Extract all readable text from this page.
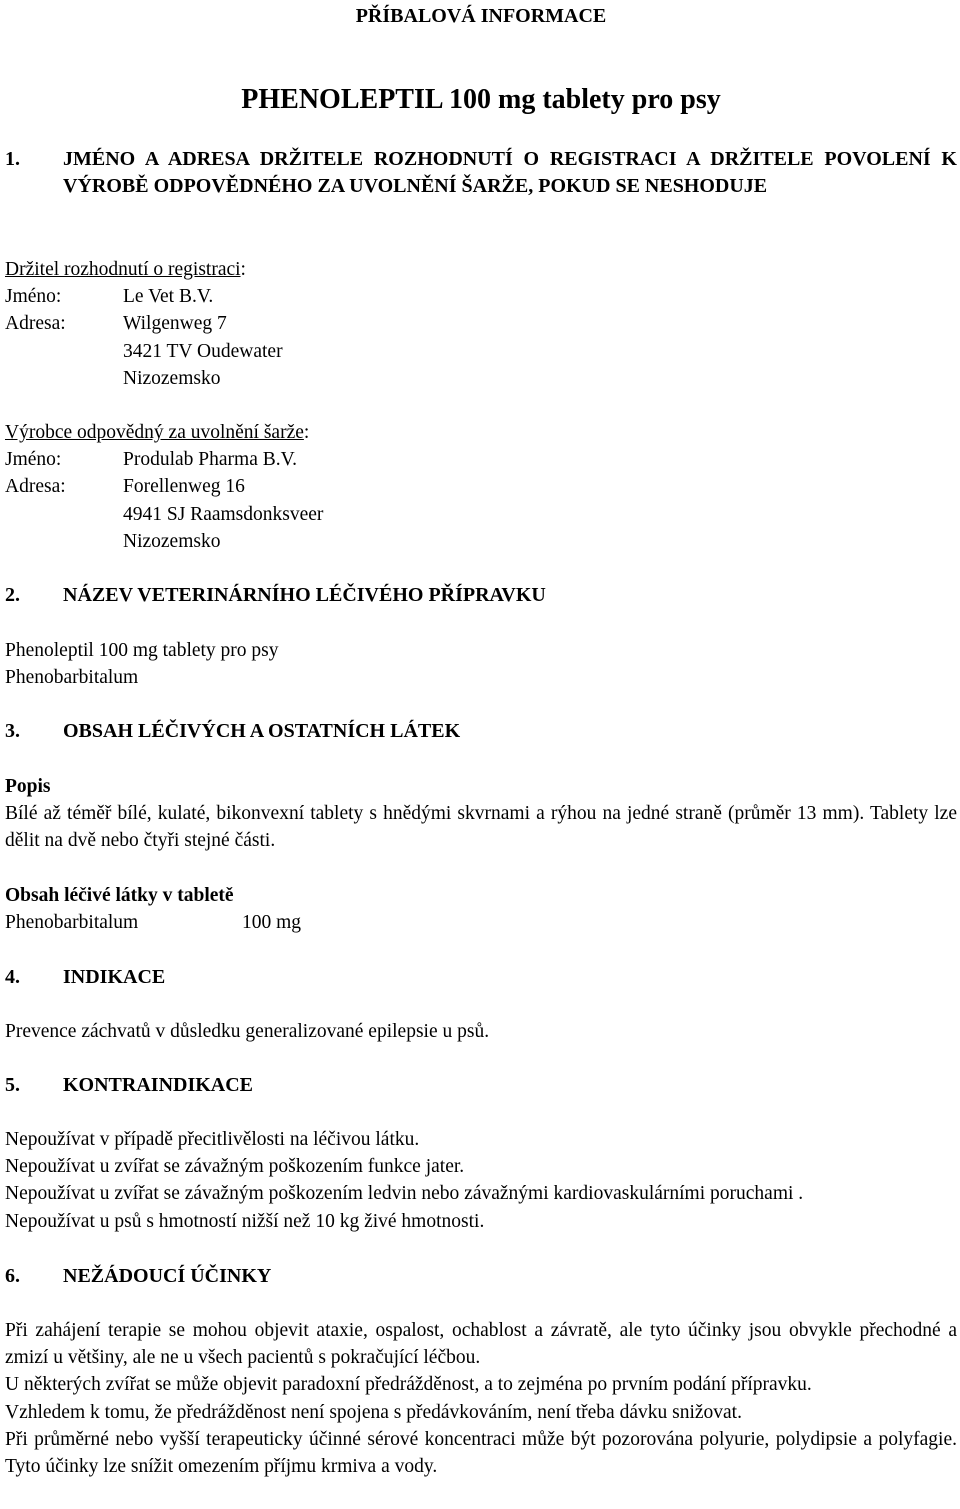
PŘÍBALOVÁ INFORMACE
PHENOLEPTIL 100 mg tablety pro psy
1.	JMÉNO A ADRESA DRŽITELE ROZHODNUTÍ O REGISTRACI A DRŽITELE POVOLENÍ K VÝROBĚ ODPOVĚDNÉHO ZA UVOLNĚNÍ ŠARŽE, POKUD SE NESHODUJE
Držitel rozhodnutí o registraci:
Jméno:	Le Vet B.V.
Adresa:	Wilgenweg 7
3421 TV Oudewater
Nizozemsko
Výrobce odpovědný za uvolnění šarže:
Jméno:	Produlab Pharma B.V.
Adresa:	Forellenweg 16
4941 SJ Raamsdonksveer
Nizozemsko
2. NÁZEV VETERINÁRNÍHO LÉČIVÉHO PŘÍPRAVKU
Phenoleptil 100 mg tablety pro psy
Phenobarbitalum
3. OBSAH LÉČIVÝCH A OSTATNÍCH LÁTEK
Popis
Bílé až téměř bílé, kulaté, bikonvexní tablety s hnědými skvrnami a rýhou na jedné straně (průměr 13 mm). Tablety lze dělit na dvě nebo čtyři stejné části.
Obsah léčivé látky v tabletě
Phenobarbitalum	100 mg
4. INDIKACE
Prevence záchvatů v důsledku generalizované epilepsie u psů.
5. KONTRAINDIKACE
Nepoužívat v případě přecitlivělosti na léčivou látku.
Nepoužívat u zvířat se závažným poškozením funkce jater.
Nepoužívat u zvířat se závažným poškozením ledvin nebo závažnými kardiovaskulárními poruchami .
Nepoužívat u psů s hmotností nižší než 10 kg živé hmotnosti.
6. NEŽÁDOUCÍ ÚČINKY
Při zahájení terapie se mohou objevit ataxie, ospalost, ochablost a závratě, ale tyto účinky jsou obvykle přechodné a zmizí u většiny, ale ne u všech pacientů s pokračující léčbou.
U některých zvířat se může objevit paradoxní předrážděnost, a to zejména po prvním podání přípravku.
Vzhledem k tomu, že předrážděnost není spojena s předávkováním, není třeba dávku snižovat.
Při průměrné nebo vyšší terapeuticky účinné sérové koncentraci může být pozorována polyurie, polydipsie a polyfagie. Tyto účinky lze snížit omezením příjmu krmiva a vody.
